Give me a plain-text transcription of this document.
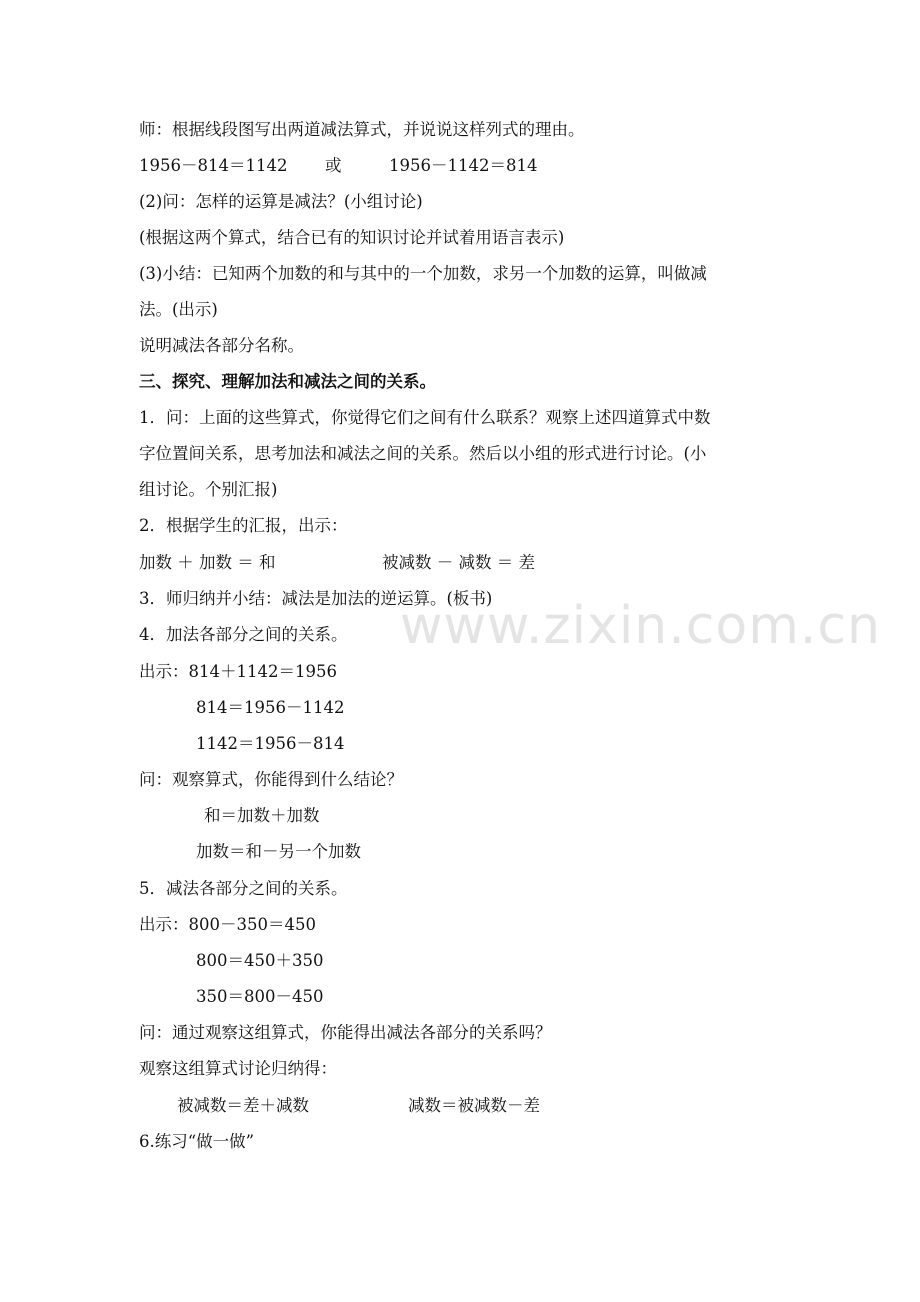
www.zixin.com.cn
师：根据线段图写出两道减法算式，并说说这样列式的理由。

1956－814＝1142

或

	1956－1142＝814

(2)问：怎样的运算是减法？(小组讨论)
(根据这两个算式，结合已有的知识讨论并试着用语言表示)
(3)小结：已知两个加数的和与其中的一个加数，求另一个加数的运算，叫做减
法。(出示)
说明减法各部分名称。
三、探究、理解加法和减法之间的关系。
1．问：上面的这些算式，你觉得它们之间有什么联系？观察上述四道算式中数
字位置间关系，思考加法和减法之间的关系。然后以小组的形式进行讨论。(小
组讨论。个别汇报)
2．根据学生的汇报，出示：

加数 ＋ 加数 ＝ 和

	被减数 － 减数 ＝ 差

3．师归纳并小结：减法是加法的逆运算。(板书)
4．加法各部分之间的关系。
出示：814＋1142＝1956
814＝1956－1142
1142＝1956－814
问：观察算式，你能得到什么结论？
和＝加数＋加数
加数＝和－另一个加数
5．减法各部分之间的关系。
出示：800－350＝450
800＝450＋350
350＝800－450
问：通过观察这组算式，你能得出减法各部分的关系吗？
观察这组算式讨论归纳得：

被减数＝差＋减数

	减数＝被减数－差

6.练习“做一做”
